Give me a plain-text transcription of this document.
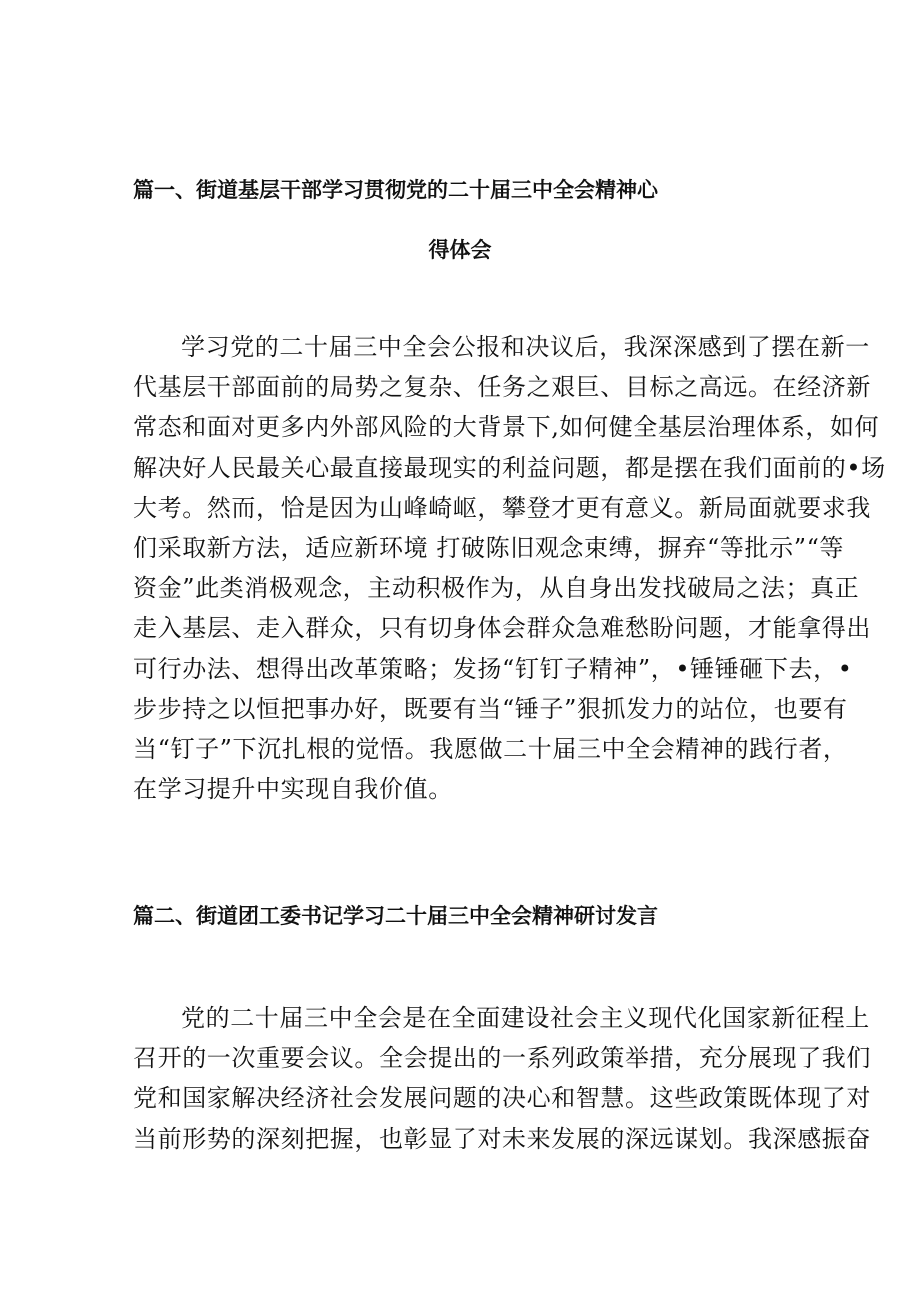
篇一、街道基层干部学习贯彻党的二十届三中全会精神心
得体会
学习党的二十届三中全会公报和决议后，我深深感到了摆在新一
代基层干部面前的局势之复杂、任务之艰巨、目标之高远。在经济新
常态和面对更多内外部风险的大背景下,如何健全基层治理体系，如何
解决好人民最关心最直接最现实的利益问题，都是摆在我们面前的•场
大考。然而，恰是因为山峰崎岖，攀登才更有意义。新局面就要求我
们采取新方法，适应新环境 打破陈旧观念束缚，摒弃“等批示”“等
资金”此类消极观念，主动积极作为，从自身出发找破局之法；真正
走入基层、走入群众，只有切身体会群众急难愁盼问题，才能拿得出
可行办法、想得出改革策略；发扬“钉钉子精神”，•锤锤砸下去，•
步步持之以恒把事办好，既要有当“锤子”狠抓发力的站位，也要有
当“钉子”下沉扎根的觉悟。我愿做二十届三中全会精神的践行者，
在学习提升中实现自我价值。
篇二、街道团工委书记学习二十届三中全会精神研讨发言
党的二十届三中全会是在全面建设社会主义现代化国家新征程上
召开的一次重要会议。全会提出的一系列政策举措，充分展现了我们
党和国家解决经济社会发展问题的决心和智慧。这些政策既体现了对
当前形势的深刻把握，也彰显了对未来发展的深远谋划。我深感振奋
